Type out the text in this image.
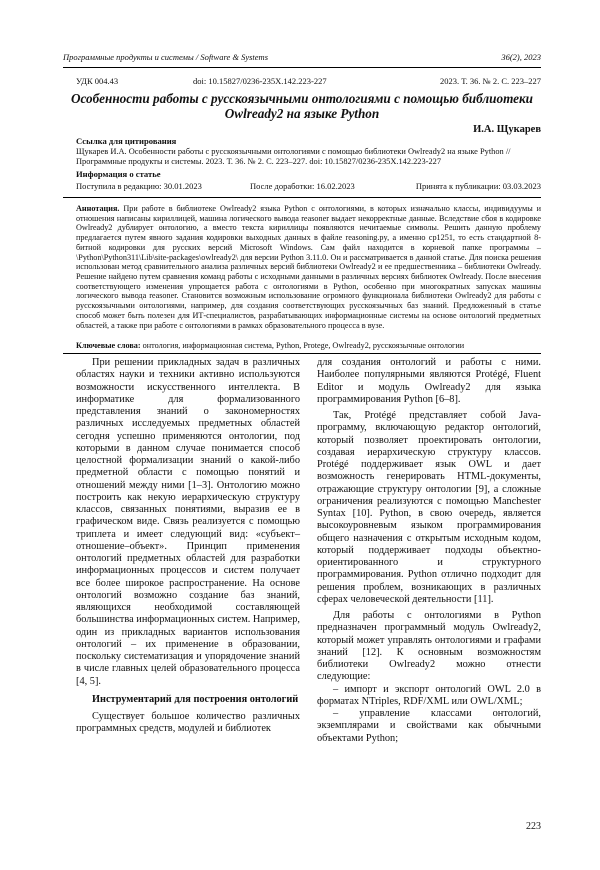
Программные продукты и системы / Software & Systems	36(2), 2023
УДК 004.43	doi: 10.15827/0236-235X.142.223-227	2023. Т. 36. № 2. С. 223–227
Особенности работы с русскоязычными онтологиями с помощью библиотеки Owlready2 на языке Python
И.А. Щукарев
Ссылка для цитирования
Щукарев И.А. Особенности работы с русскоязычными онтологиями с помощью библиотеки Owlready2 на языке Python // Программные продукты и системы. 2023. Т. 36. № 2. С. 223–227. doi: 10.15827/0236-235X.142.223-227
Информация о статье
Поступила в редакцию: 30.01.2023	После доработки: 16.02.2023	Принята к публикации: 03.03.2023
Аннотация. При работе в библиотеке Owlready2 языка Python с онтологиями, в которых изначально классы, индивидуумы и отношения написаны кириллицей, машина логического вывода reasoner выдает некорректные данные. Вследствие сбоя в кодировке Owlready2 дублирует онтологию, а вместо текста кириллицы появляются нечитаемые символы. Решить данную проблему предлагается путем явного задания кодировки выходных данных в файле reasoning.py, а именно cp1251, то есть стандартной 8-битной кодировки для русских версий Microsoft Windows. Сам файл находится в корневой папке программы – \Python\Python311\Lib\site-packages\owlready2\ для версии Python 3.11.0. Он и рассматривается в данной статье. Для поиска решения использован метод сравнительного анализа различных версий библиотеки Owlready2 и ее предшественника – библиотеки Owlready. Решение найдено путем сравнения команд работы с исходными данными в различных версиях библиотек Owlready. После внесения соответствующего изменения упрощается работа с онтологиями в Python, особенно при многократных запусках машины логического вывода reasoner. Становится возможным использование огромного функционала библиотеки Owlready2 для работы с русскоязычными онтологиями, например, для создания соответствующих русскоязычных баз знаний. Предложенный в статье способ может быть полезен для ИТ-специалистов, разрабатывающих информационные системы на основе онтологий предметных областей, а также при работе с онтологиями в рамках образовательного процесса в вузе.
Ключевые слова: онтология, информационная система, Python, Protege, Owlready2, русскоязычные онтологии

При решении прикладных задач в различных областях науки и техники активно используются возможности искусственного интеллекта. В информатике для формализованного представления знаний о закономерностях различных исследуемых предметных областей сегодня успешно применяются онтологии, под которыми в данном случае понимается способ целостной формализации знаний о какой-либо предметной области с помощью понятий и отношений между ними [1–3]. Онтологию можно построить как некую иерархическую структуру классов, связанных понятиями, выразив ее в графическом виде. Связь реализуется с помощью триплета и имеет следующий вид: «субъект–отношение–объект». Принцип применения онтологий предметных областей для разработки информационных процессов и систем получает все более широкое распространение. На основе онтологий возможно создание баз знаний, являющихся необходимой составляющей большинства информационных систем. Например, один из прикладных вариантов использования онтологий – их применение в образовании, поскольку систематизация и упорядочение знаний в числе главных целей образовательного процесса [4, 5].

Инструментарий для построения онтологий

Существует большое количество различных программных средств, модулей и библиотек

для создания онтологий и работы с ними. Наиболее популярными являются Protégé, Fluent Editor и модуль Owlready2 для языка программирования Python [6–8].

Так, Protégé представляет собой Java-программу, включающую редактор онтологий, который позволяет проектировать онтологии, создавая иерархическую структуру классов. Protégé поддерживает язык OWL и дает возможность генерировать HTML-документы, отражающие структуру онтологии [9], а сложные ограничения реализуются с помощью Manchester Syntax [10]. Python, в свою очередь, является высокоуровневым языком программирования общего назначения с открытым исходным кодом, который поддерживает подходы объектно-ориентированного и структурного программирования. Python отлично подходит для решения проблем, возникающих в различных сферах человеческой деятельности [11].

Для работы с онтологиями в Python предназначен программный модуль Owlready2, который может управлять онтологиями и графами знаний [12]. К основным возможностям библиотеки Owlready2 можно отнести следующие:

– импорт и экспорт онтологий OWL 2.0 в форматах NTriples, RDF/XML или OWL/XML;

– управление классами онтологий, экземплярами и свойствами как обычными объектами Python;

223
